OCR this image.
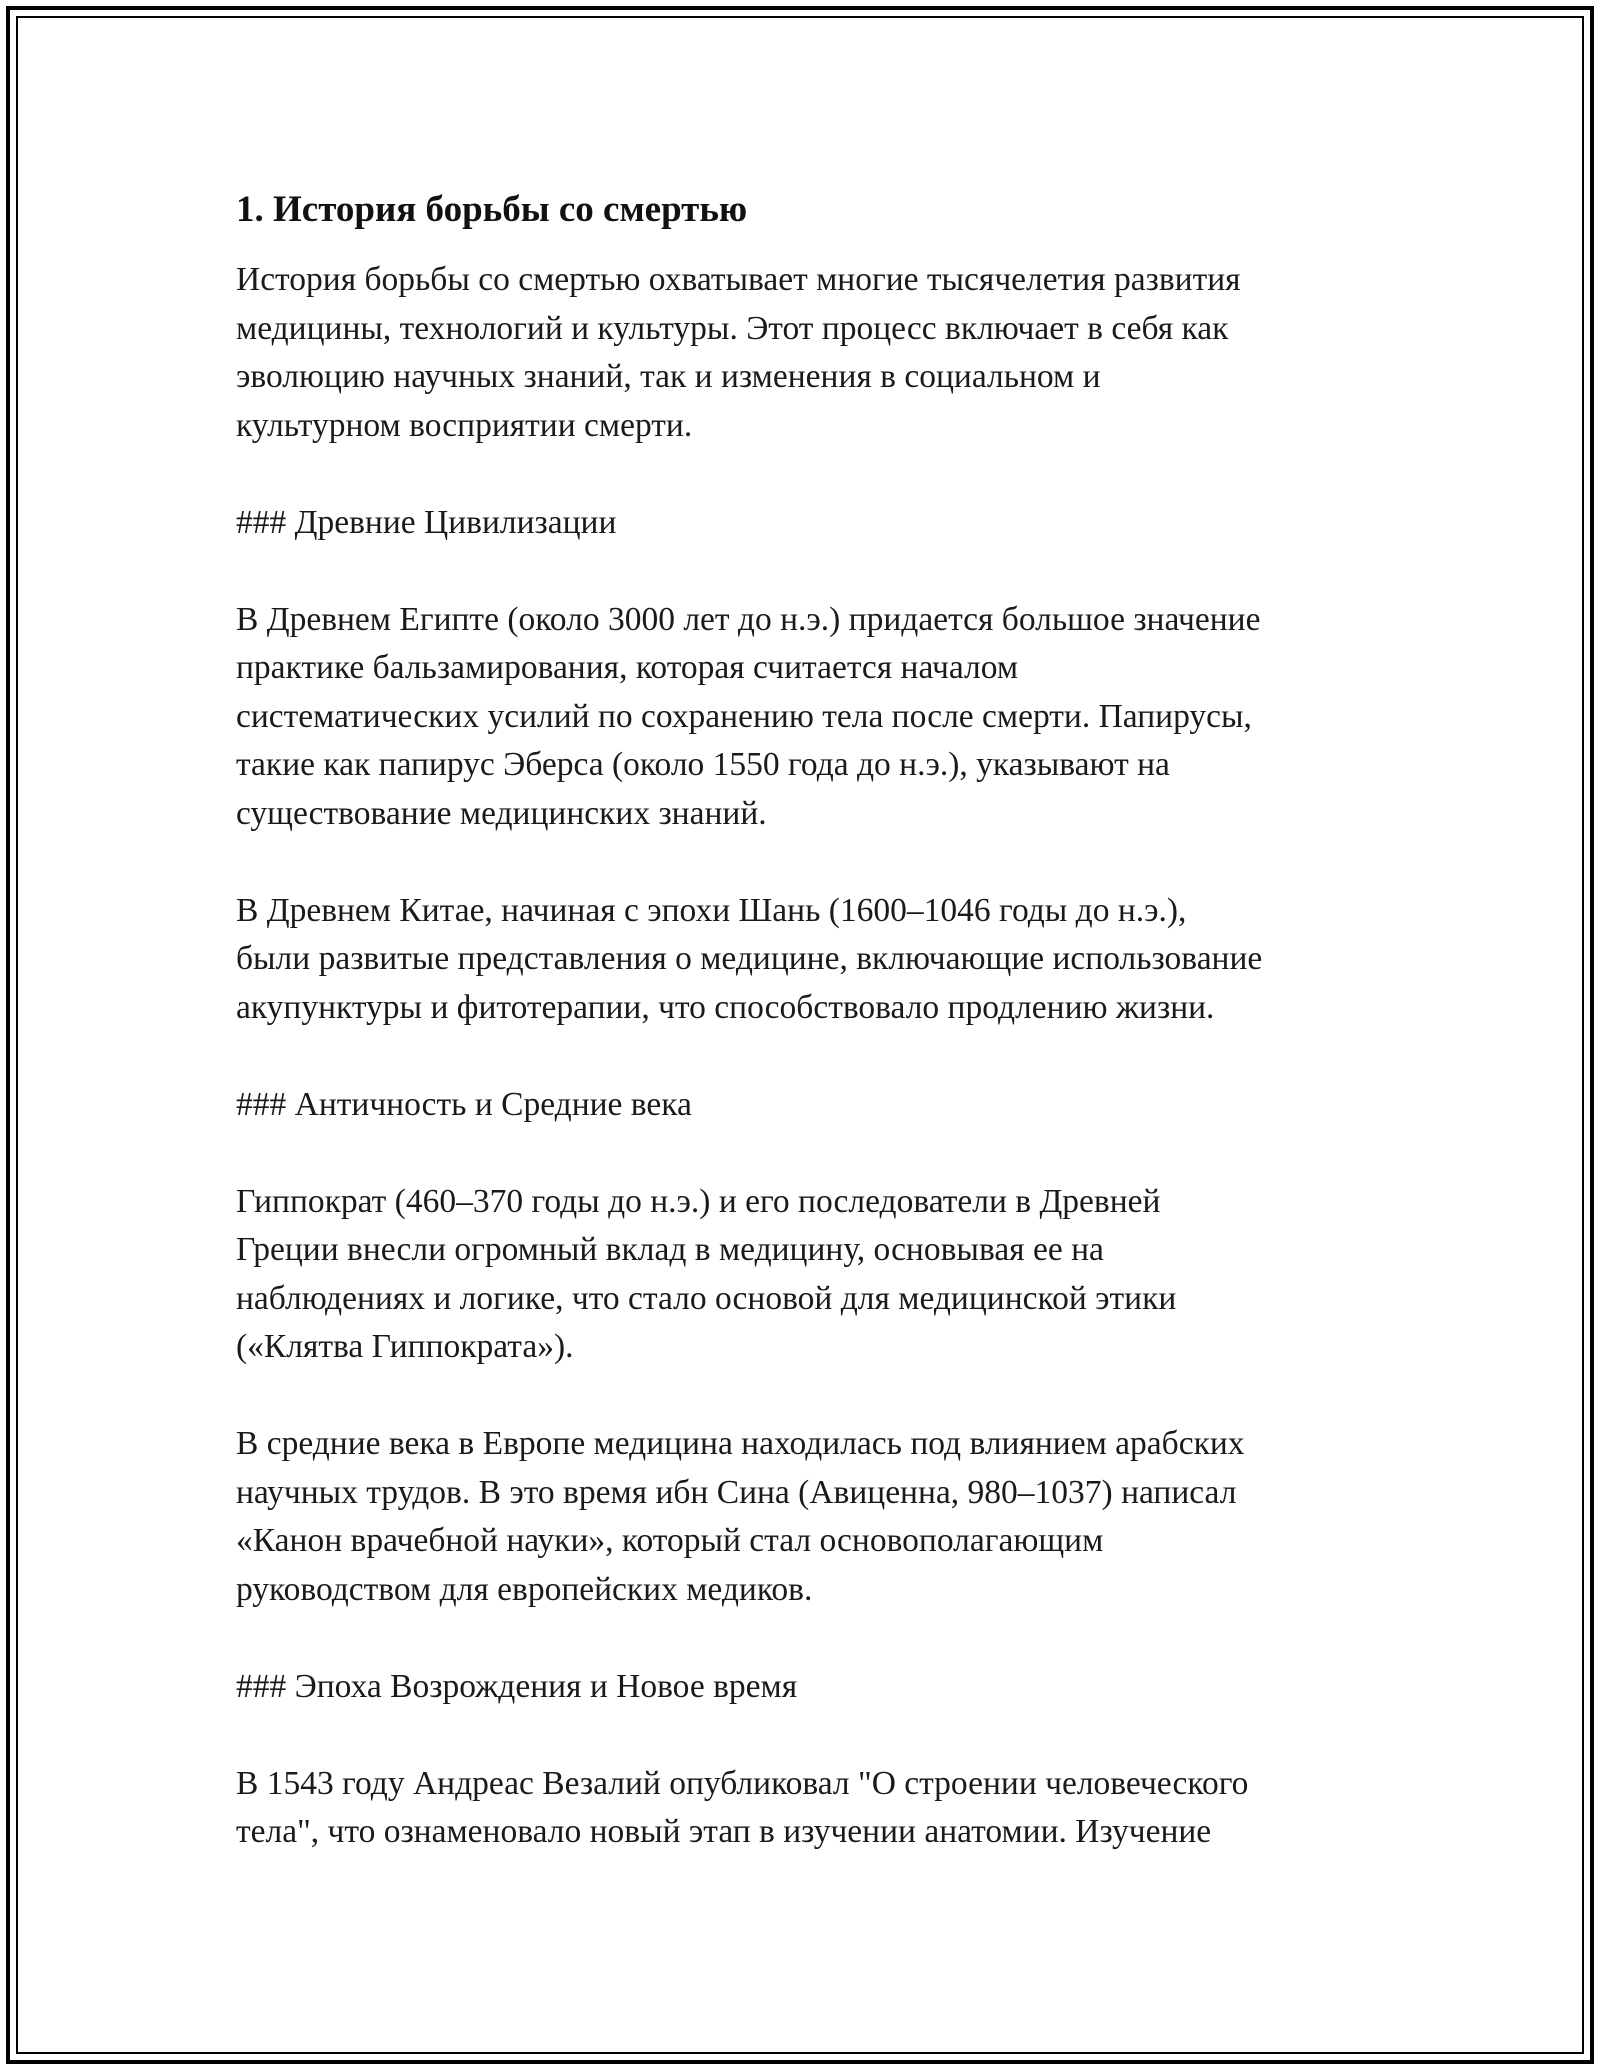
1. История борьбы со смертью

История борьбы со смертью охватывает многие тысячелетия развития
медицины, технологий и культуры. Этот процесс включает в себя как
эволюцию научных знаний, так и изменения в социальном и
культурном восприятии смерти.

### Древние Цивилизации

В Древнем Египте (около 3000 лет до н.э.) придается большое значение
практике бальзамирования, которая считается началом
систематических усилий по сохранению тела после смерти. Папирусы,
такие как папирус Эберса (около 1550 года до н.э.), указывают на
существование медицинских знаний.

В Древнем Китае, начиная с эпохи Шань (1600–1046 годы до н.э.),
были развитые представления о медицине, включающие использование
акупунктуры и фитотерапии, что способствовало продлению жизни.

### Античность и Средние века

Гиппократ (460–370 годы до н.э.) и его последователи в Древней
Греции внесли огромный вклад в медицину, основывая ее на
наблюдениях и логике, что стало основой для медицинской этики
(«Клятва Гиппократа»).

В средние века в Европе медицина находилась под влиянием арабских
научных трудов. В это время ибн Сина (Авиценна, 980–1037) написал
«Канон врачебной науки», который стал основополагающим
руководством для европейских медиков.

### Эпоха Возрождения и Новое время

В 1543 году Андреас Везалий опубликовал "О строении человеческого
тела", что ознаменовало новый этап в изучении анатомии. Изучение
